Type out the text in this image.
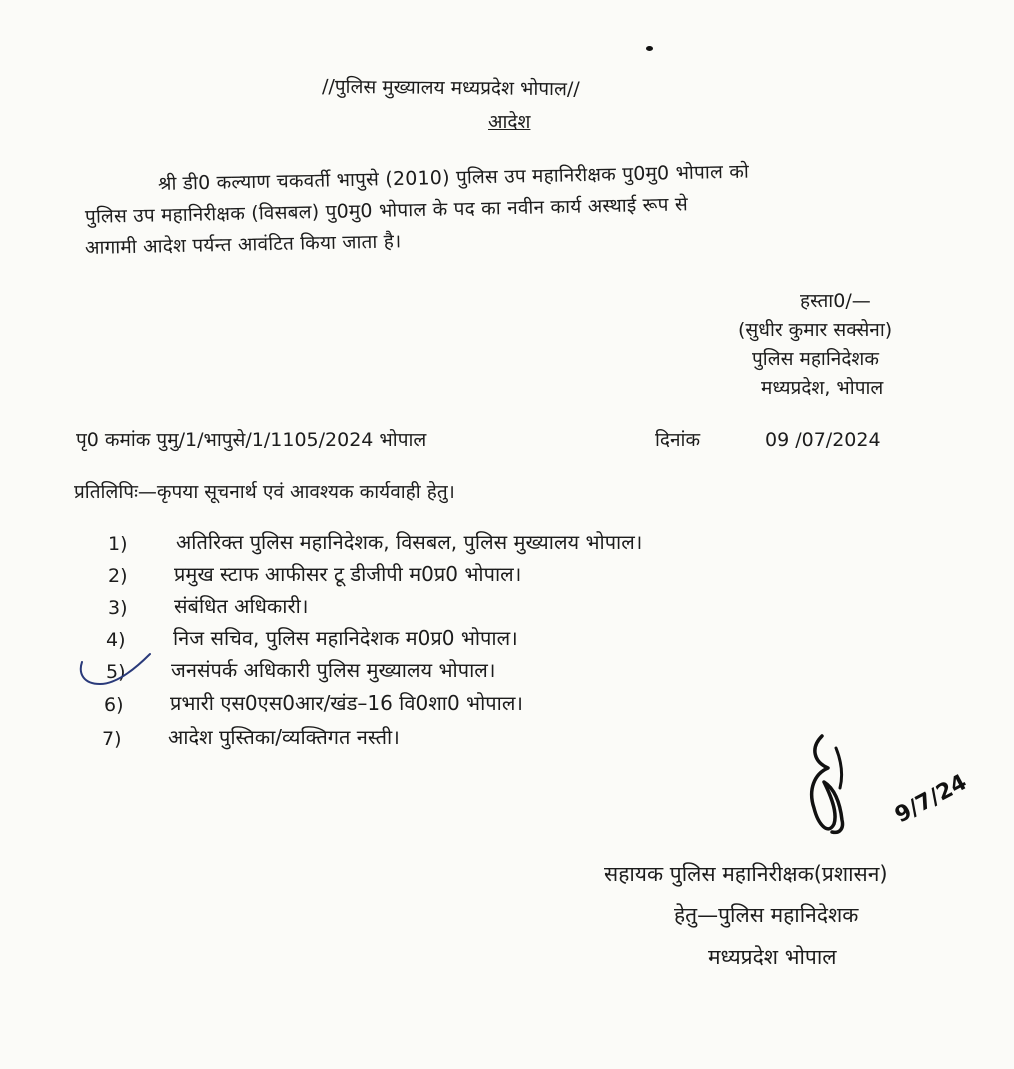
//पुलिस मुख्यालय मध्यप्रदेश भोपाल//
आदेश
श्री डी0 कल्याण चकवर्ती भापुसे (2010) पुलिस उप महानिरीक्षक पु0मु0 भोपाल को
पुलिस उप महानिरीक्षक (विसबल) पु0मु0 भोपाल के पद का नवीन कार्य अस्थाई रूप से
आगामी आदेश पर्यन्त आवंटित किया जाता है।
हस्ता0/—
(सुधीर कुमार सक्सेना)
पुलिस महानिदेशक
मध्यप्रदेश, भोपाल
पृ0 कमांक पुमु/1/भापुसे/1/1105/2024 भोपाल	दिनांक	09 /07/2024
प्रतिलिपिः—कृपया सूचनार्थ एवं आवश्यक कार्यवाही हेतु।
1) अतिरिक्त पुलिस महानिदेशक, विसबल, पुलिस मुख्यालय भोपाल।
2) प्रमुख स्टाफ आफीसर टू डीजीपी म0प्र0 भोपाल।
3) संबंधित अधिकारी।
4) निज सचिव, पुलिस महानिदेशक म0प्र0 भोपाल।
5) जनसंपर्क अधिकारी पुलिस मुख्यालय भोपाल।
6) प्रभारी एस0एस0आर/खंड–16 वि0शा0 भोपाल।
7) आदेश पुस्तिका/व्यक्तिगत नस्ती।
9/7/24
सहायक पुलिस महानिरीक्षक(प्रशासन)
हेतु—पुलिस महानिदेशक
मध्यप्रदेश भोपाल
